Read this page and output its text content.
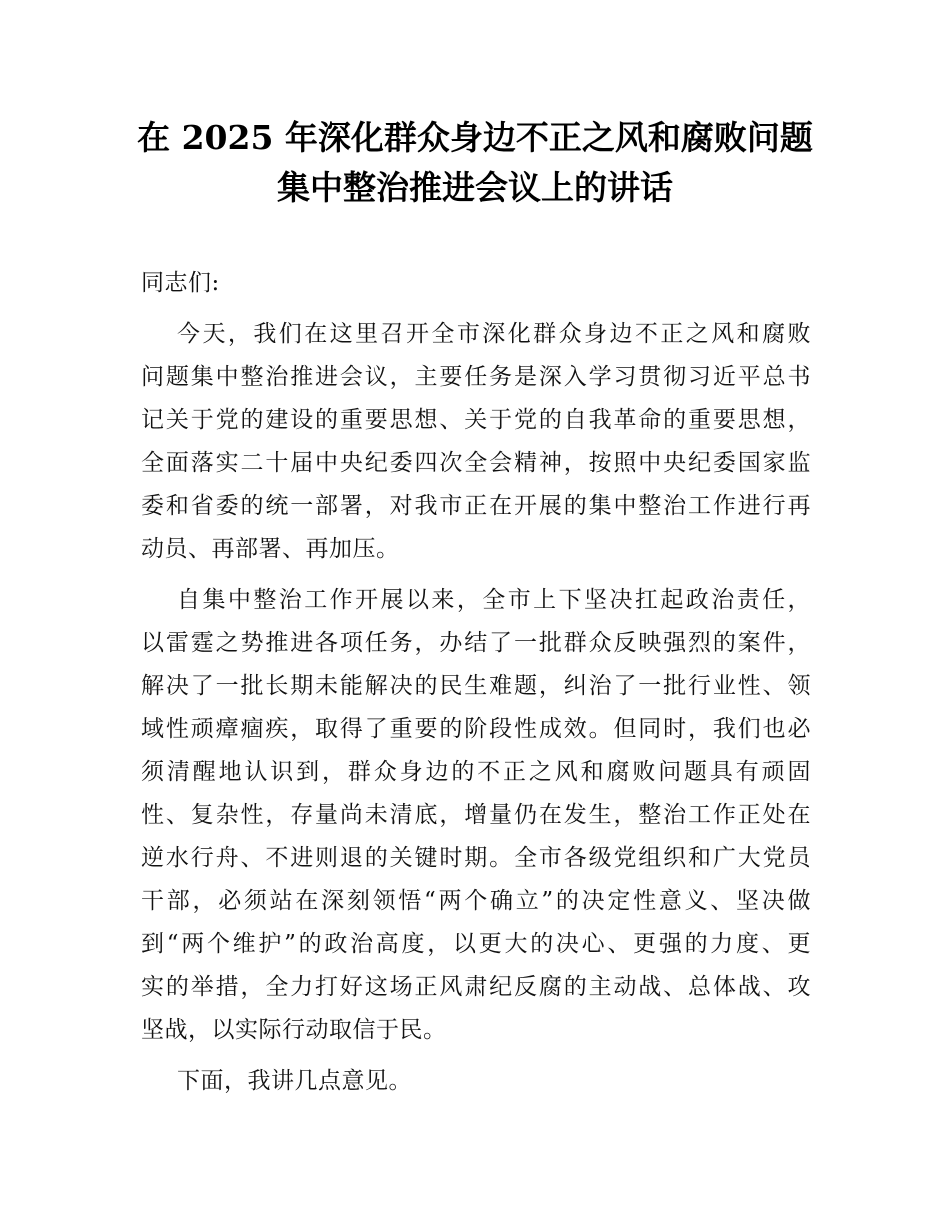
在 2025 年深化群众身边不正之风和腐败问题
集中整治推进会议上的讲话
同志们:
今天，我们在这里召开全市深化群众身边不正之风和腐败
问题集中整治推进会议，主要任务是深入学习贯彻习近平总书
记关于党的建设的重要思想、关于党的自我革命的重要思想，
全面落实二十届中央纪委四次全会精神，按照中央纪委国家监
委和省委的统一部署，对我市正在开展的集中整治工作进行再
动员、再部署、再加压。
自集中整治工作开展以来，全市上下坚决扛起政治责任，
以雷霆之势推进各项任务，办结了一批群众反映强烈的案件，
解决了一批长期未能解决的民生难题，纠治了一批行业性、领
域性顽瘴痼疾，取得了重要的阶段性成效。但同时，我们也必
须清醒地认识到，群众身边的不正之风和腐败问题具有顽固
性、复杂性，存量尚未清底，增量仍在发生，整治工作正处在
逆水行舟、不进则退的关键时期。全市各级党组织和广大党员
干部，必须站在深刻领悟“两个确立”的决定性意义、坚决做
到“两个维护”的政治高度，以更大的决心、更强的力度、更
实的举措，全力打好这场正风肃纪反腐的主动战、总体战、攻
坚战，以实际行动取信于民。
下面，我讲几点意见。
